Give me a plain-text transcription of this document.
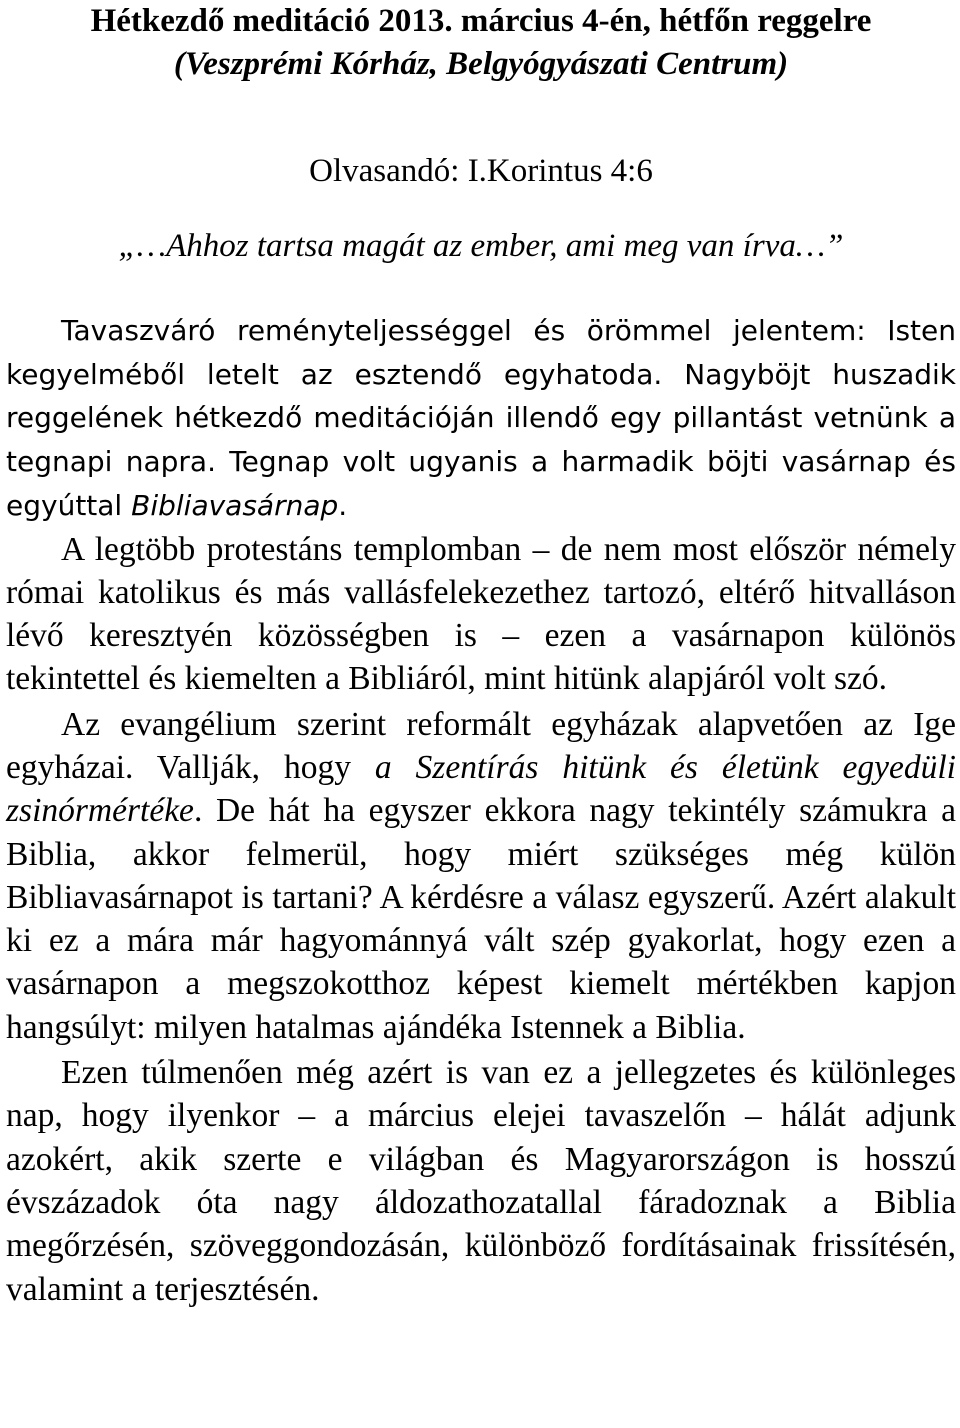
Hétkezdő meditáció 2013. március 4-én, hétfőn reggelre
(Veszprémi Kórház, Belgyógyászati Centrum)
Olvasandó: I.Korintus 4:6
„…Ahhoz tartsa magát az ember, ami meg van írva…”

Tavaszváró reményteljességgel és örömmel jelentem: Isten kegyelméből letelt az esztendő egyhatoda. Nagyböjt huszadik reggelének hétkezdő meditációján illendő egy pillantást vetnünk a tegnapi napra. Tegnap volt ugyanis a harmadik böjti vasárnap és egyúttal Bibliavasárnap.

A legtöbb protestáns templomban – de nem most először némely római katolikus és más vallásfelekezethez tartozó, eltérő hitvalláson lévő keresztyén közösségben is – ezen a vasárnapon különös tekintettel és kiemelten a Bibliáról, mint hitünk alapjáról volt szó.

Az evangélium szerint reformált egyházak alapvetően az Ige egyházai. Vallják, hogy a Szentírás hitünk és életünk egyedüli zsinórmértéke. De hát ha egyszer ekkora nagy tekintély számukra a Biblia, akkor felmerül, hogy miért szükséges még külön Bibliavasárnapot is tartani? A kérdésre a válasz egyszerű. Azért alakult ki ez a mára már hagyománnyá vált szép gyakorlat, hogy ezen a vasárnapon a megszokotthoz képest kiemelt mértékben kapjon hangsúlyt: milyen hatalmas ajándéka Istennek a Biblia.

Ezen túlmenően még azért is van ez a jellegzetes és különleges nap, hogy ilyenkor – a március elejei tavaszelőn – hálát adjunk azokért, akik szerte e világban és Magyarországon is hosszú évszázadok óta nagy áldozathozatallal fáradoznak a Biblia megőrzésén, szöveggondozásán, különböző fordításainak frissítésén, valamint a terjesztésén.
